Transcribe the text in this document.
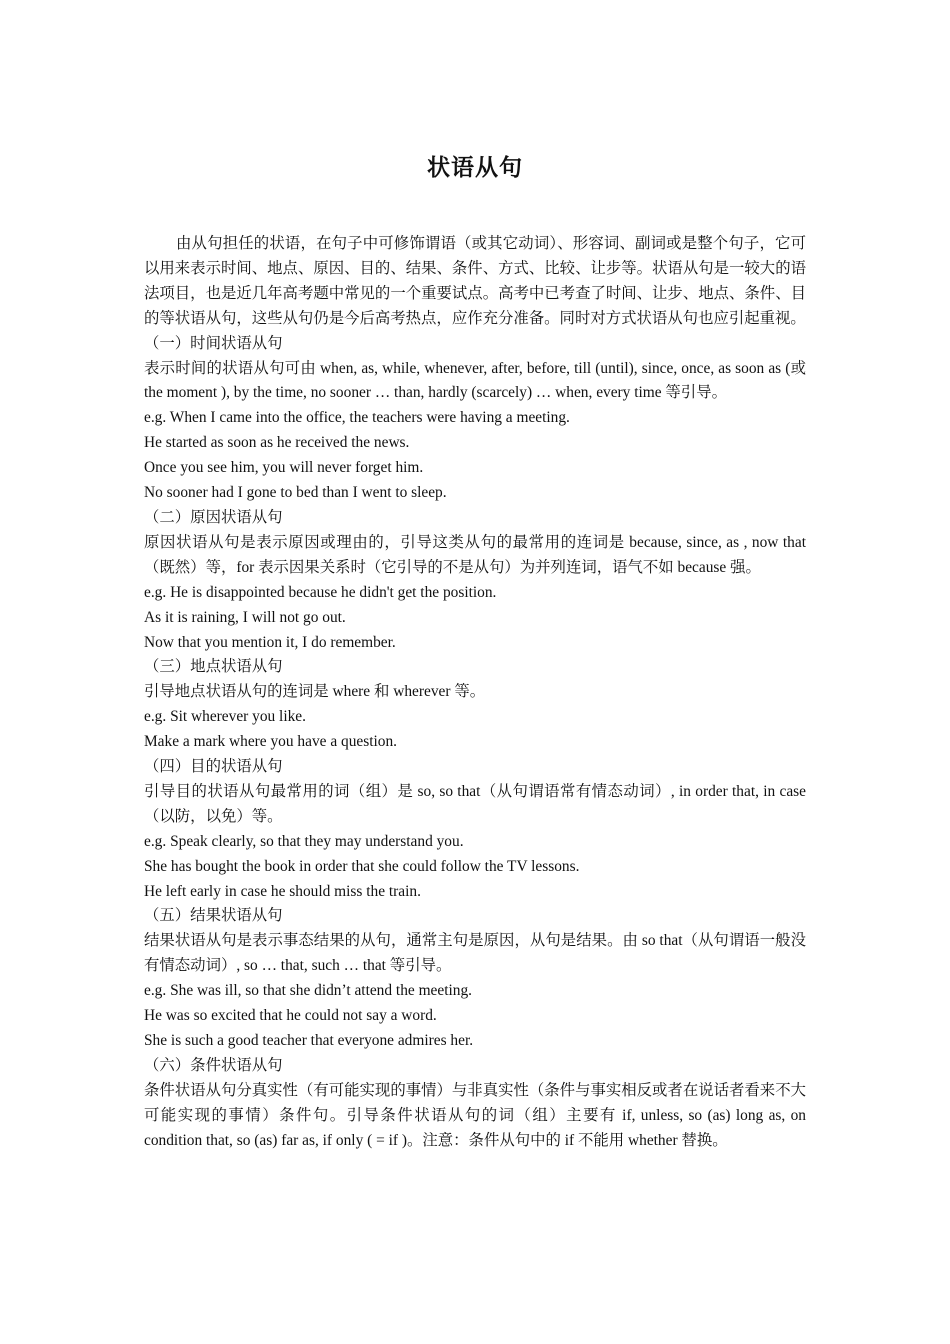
状语从句

由从句担任的状语，在句子中可修饰谓语（或其它动词）、形容词、副词或是整个句子，它可以用来表示时间、地点、原因、目的、结果、条件、方式、比较、让步等。状语从句是一较大的语法项目，也是近几年高考题中常见的一个重要试点。高考中已考查了时间、让步、地点、条件、目的等状语从句，这些从句仍是今后高考热点，应作充分准备。同时对方式状语从句也应引起重视。

（一）时间状语从句

表示时间的状语从句可由 when, as, while, whenever, after, before, till (until), since, once, as soon as (或 the moment ), by the time, no sooner … than, hardly (scarcely) … when, every time 等引导。

e.g. When I came into the office, the teachers were having a meeting.

He started as soon as he received the news.

Once you see him, you will never forget him.

No sooner had I gone to bed than I went to sleep.

（二）原因状语从句

原因状语从句是表示原因或理由的，引导这类从句的最常用的连词是 because, since, as , now that（既然）等，for 表示因果关系时（它引导的不是从句）为并列连词，语气不如 because 强。

e.g. He is disappointed because he didn't get the position.

As it is raining, I will not go out.

Now that you mention it, I do remember.

（三）地点状语从句

引导地点状语从句的连词是 where 和 wherever 等。

e.g. Sit wherever you like.

Make a mark where you have a question.

（四）目的状语从句

引导目的状语从句最常用的词（组）是 so, so that（从句谓语常有情态动词）, in order that, in case（以防，以免）等。

e.g. Speak clearly, so that they may understand you.

She has bought the book in order that she could follow the TV lessons.

He left early in case he should miss the train.

（五）结果状语从句

结果状语从句是表示事态结果的从句，通常主句是原因，从句是结果。由 so that（从句谓语一般没有情态动词）, so … that, such … that 等引导。

e.g. She was ill, so that she didn’t attend the meeting.

He was so excited that he could not say a word.

She is such a good teacher that everyone admires her.

（六）条件状语从句

条件状语从句分真实性（有可能实现的事情）与非真实性（条件与事实相反或者在说话者看来不大可能实现的事情）条件句。引导条件状语从句的词（组）主要有 if, unless, so (as) long as, on condition that, so (as) far as, if only ( = if )。注意：条件从句中的 if 不能用 whether 替换。
